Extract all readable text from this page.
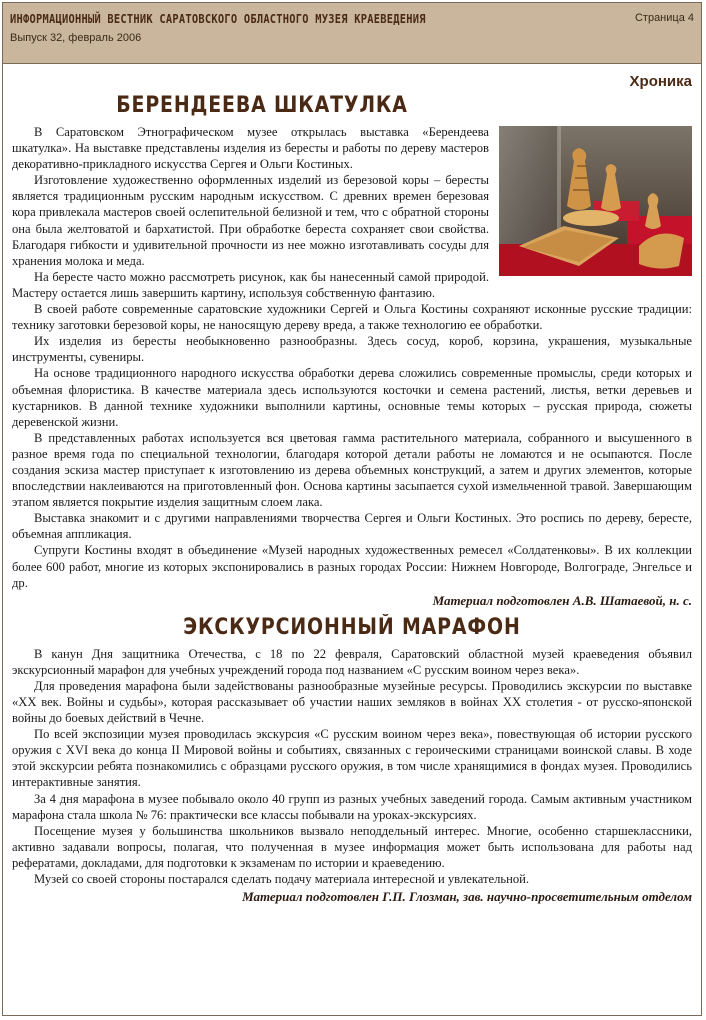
ИНФОРМАЦИОННЫЙ ВЕСТНИК САРАТОВСКОГО ОБЛАСТНОГО МУЗЕЯ КРАЕВЕДЕНИЯ
Выпуск 32, февраль 2006
Страница 4
Хроника
БЕРЕНДЕЕВА ШКАТУЛКА

В Саратовском Этнографическом музее открылась выставка «Берендеева шкатулка». На выставке представлены изделия из бересты и работы по дереву мастеров декоративно-прикладного искусства Сергея и Ольги Костиных.

Изготовление художественно оформленных изделий из березовой коры – бересты является традиционным русским народным искусством. С древних времен березовая кора привлекала мастеров своей ослепительной белизной и тем, что с обратной стороны она была желтоватой и бархатистой. При обработке береста сохраняет свои свойства. Благодаря гибкости и удивительной прочности из нее можно изготавливать сосуды для хранения молока и меда.

На бересте часто можно рассмотреть рисунок, как бы нанесенный самой природой. Мастеру остается лишь завершить картину, используя собственную фантазию.

В своей работе современные саратовские художники Сергей и Ольга Костины сохраняют исконные русские традиции: технику заготовки березовой коры, не наносящую дереву вреда, а также технологию ее обработки.

Их изделия из бересты необыкновенно разнообразны. Здесь сосуд, короб, корзина, украшения, музыкальные инструменты, сувениры.

На основе традиционного народного искусства обработки дерева сложились современные промыслы, среди которых и объемная флористика. В качестве материала здесь используются косточки и семена растений, листья, ветки деревьев и кустарников. В данной технике художники выполнили картины, основные темы которых – русская природа, сюжеты деревенской жизни.

В представленных работах используется вся цветовая гамма растительного материала, собранного и высушенного в разное время года по специальной технологии, благодаря которой детали работы не ломаются и не осыпаются. После создания эскиза мастер приступает к изготовлению из дерева объемных конструкций, а затем и других элементов, которые впоследствии наклеиваются на приготовленный фон. Основа картины засыпается сухой измельченной травой. Завершающим этапом является покрытие изделия защитным слоем лака.

Выставка знакомит и с другими направлениями творчества Сергея и Ольги Костиных. Это роспись по дереву, бересте, объемная аппликация.

Супруги Костины входят в объединение «Музей народных художественных ремесел «Солдатенковы». В их коллекции более 600 работ, многие из которых экспонировались в разных городах России: Нижнем Новгороде, Волгограде, Энгельсе и др.

Материал подготовлен А.В. Шатаевой, н. с.
ЭКСКУРСИОННЫЙ МАРАФОН

В канун Дня защитника Отечества, с 18 по 22 февраля, Саратовский областной музей краеведения объявил экскурсионный марафон для учебных учреждений города под названием «С русским воином через века».

Для проведения марафона были задействованы разнообразные музейные ресурсы. Проводились экскурсии по выставке «XX век. Войны и судьбы», которая рассказывает об участии наших земляков в войнах XX столетия - от русско-японской войны до боевых действий в Чечне.

По всей экспозиции музея проводилась экскурсия «С русским воином через века», повествующая об истории русского оружия с XVI века до конца II Мировой войны и событиях, связанных с героическими страницами воинской славы. В ходе этой экскурсии ребята познакомились с образцами русского оружия, в том числе хранящимися в фондах музея. Проводились интерактивные занятия.

За 4 дня марафона в музее побывало около 40 групп из разных учебных заведений города. Самым активным участником марафона стала школа № 76: практически все классы побывали на уроках-экскурсиях.

Посещение музея у большинства школьников вызвало неподдельный интерес. Многие, особенно старшеклассники, активно задавали вопросы, полагая, что полученная в музее информация может быть использована для работы над рефератами, докладами, для подготовки к экзаменам по истории и краеведению.

Музей со своей стороны постарался сделать подачу материала интересной и увлекательной.

Материал подготовлен Г.П. Глозман, зав. научно-просветительным отделом
